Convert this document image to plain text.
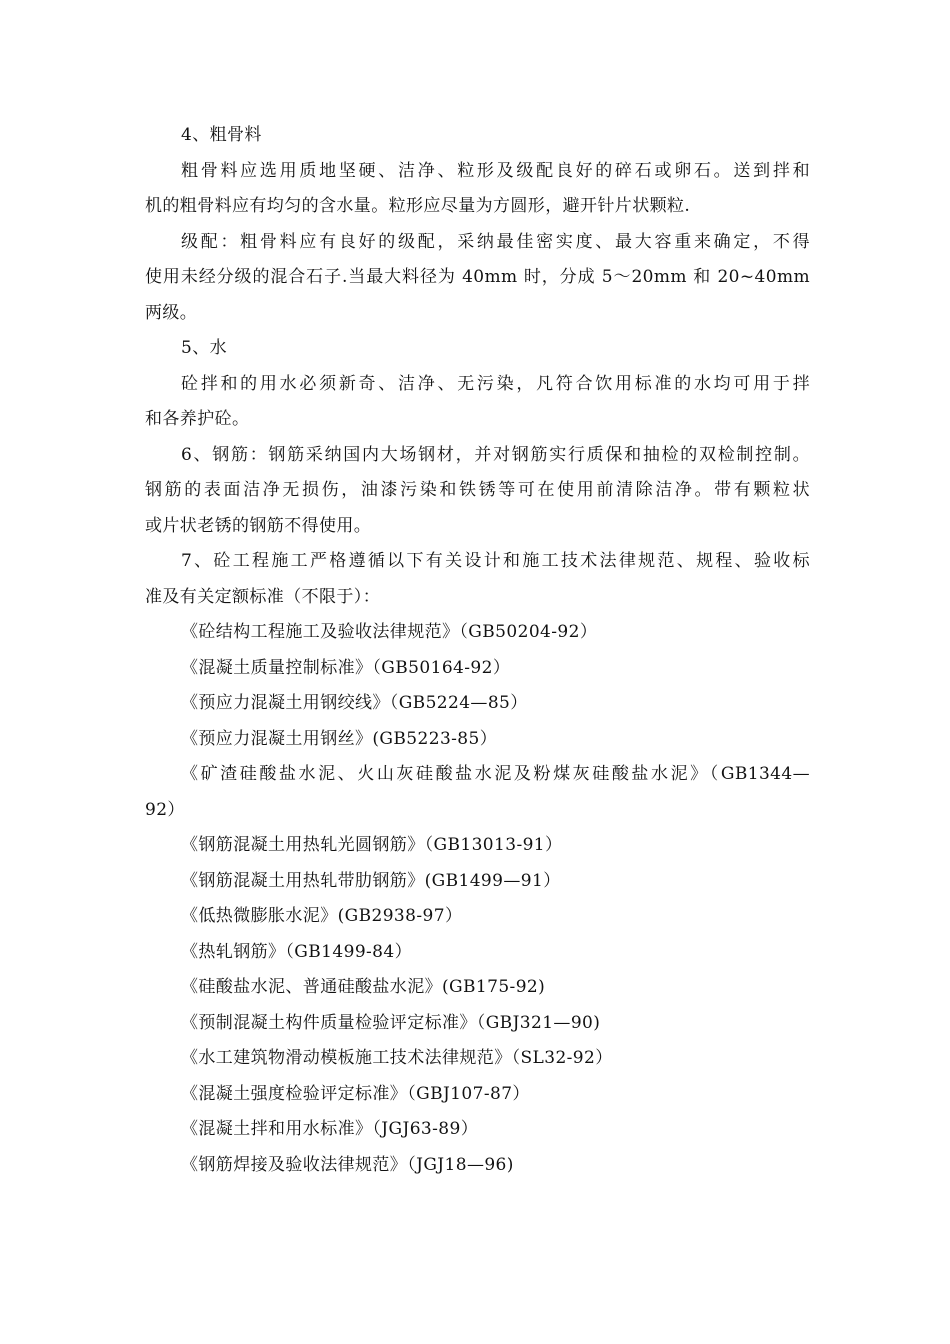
4、粗骨料
粗骨料应选用质地坚硬、洁净、粒形及级配良好的碎石或卵石。送到拌和
机的粗骨料应有均匀的含水量。粒形应尽量为方圆形，避开针片状颗粒.
级配：粗骨料应有良好的级配，采纳最佳密实度、最大容重来确定，不得
使用未经分级的混合石子.当最大料径为 40mm 时，分成 5～20mm 和 20~40mm
两级。
5、水
砼拌和的用水必须新奇、洁净、无污染，凡符合饮用标准的水均可用于拌
和各养护砼。
6、钢筋：钢筋采纳国内大场钢材，并对钢筋实行质保和抽检的双检制控制。
钢筋的表面洁净无损伤，油漆污染和铁锈等可在使用前清除洁净。带有颗粒状
或片状老锈的钢筋不得使用。
7、砼工程施工严格遵循以下有关设计和施工技术法律规范、规程、验收标
准及有关定额标准（不限于）：
《砼结构工程施工及验收法律规范》（GB50204-92）
《混凝土质量控制标准》（GB50164-92）
《预应力混凝土用钢绞线》（GB5224—85）
《预应力混凝土用钢丝》(GB5223-85）
《矿渣硅酸盐水泥、火山灰硅酸盐水泥及粉煤灰硅酸盐水泥》（GB1344—
92）
《钢筋混凝土用热轧光圆钢筋》（GB13013-91）
《钢筋混凝土用热轧带肋钢筋》(GB1499—91）
《低热微膨胀水泥》(GB2938-97）
《热轧钢筋》（GB1499-84）
《硅酸盐水泥、普通硅酸盐水泥》(GB175-92)
《预制混凝土构件质量检验评定标准》（GBJ321—90)
《水工建筑物滑动模板施工技术法律规范》（SL32-92）
《混凝土强度检验评定标准》（GBJ107-87）
《混凝土拌和用水标准》（JGJ63-89）
《钢筋焊接及验收法律规范》（JGJ18—96)
